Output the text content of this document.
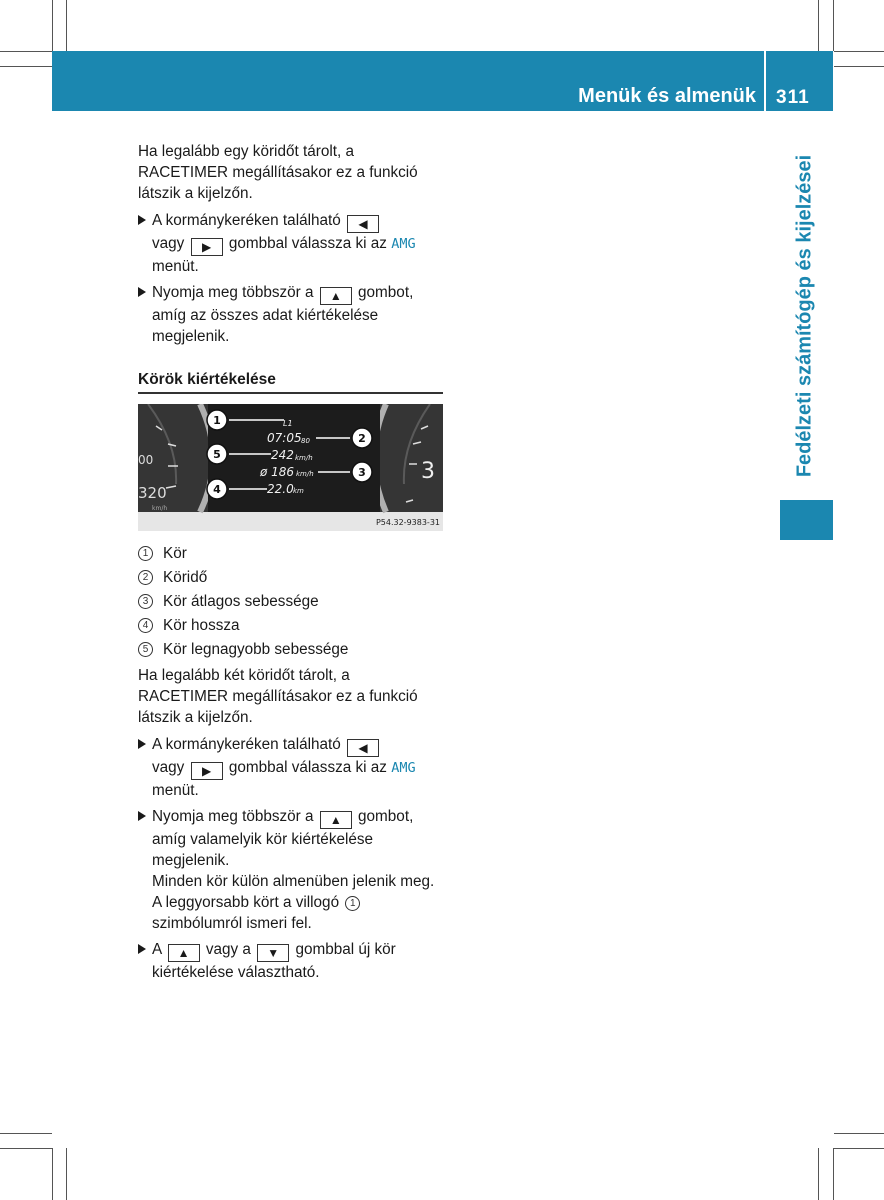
Menük és almenük 311
Fedélzeti számítógép és kijelzései

Ha legalább egy köridőt tárolt, a RACETIMER megállításakor ez a funkció látszik a kijelzőn.

A kormánykeréken található ◀
vagy ▶ gombbal válassza ki az AMG
menüt.
Nyomja meg többször a ▲ gombot, amíg az összes adat kiértékelése megjelenik.
Körök kiértékelése
00
320
km/h
3
L1
07:05 80
242 km/h
ø 186 km/h
22.0 km
1
2
3
4
5
P54.32-9383-31
1 Kör
2 Köridő
3 Kör átlagos sebessége
4 Kör hossza
5 Kör legnagyobb sebessége

Ha legalább két köridőt tárolt, a RACETIMER megállításakor ez a funkció látszik a kijelzőn.

A kormánykeréken található ◀
vagy ▶ gombbal válassza ki az AMG
menüt.
Nyomja meg többször a ▲ gombot, amíg valamelyik kör kiértékelése megjelenik.
Minden kör külön almenüben jelenik meg.
A leggyorsabb kört a villogó 1 szimbólumról ismeri fel.
A ▲ vagy a ▼ gombbal új kör kiértékelése választható.
